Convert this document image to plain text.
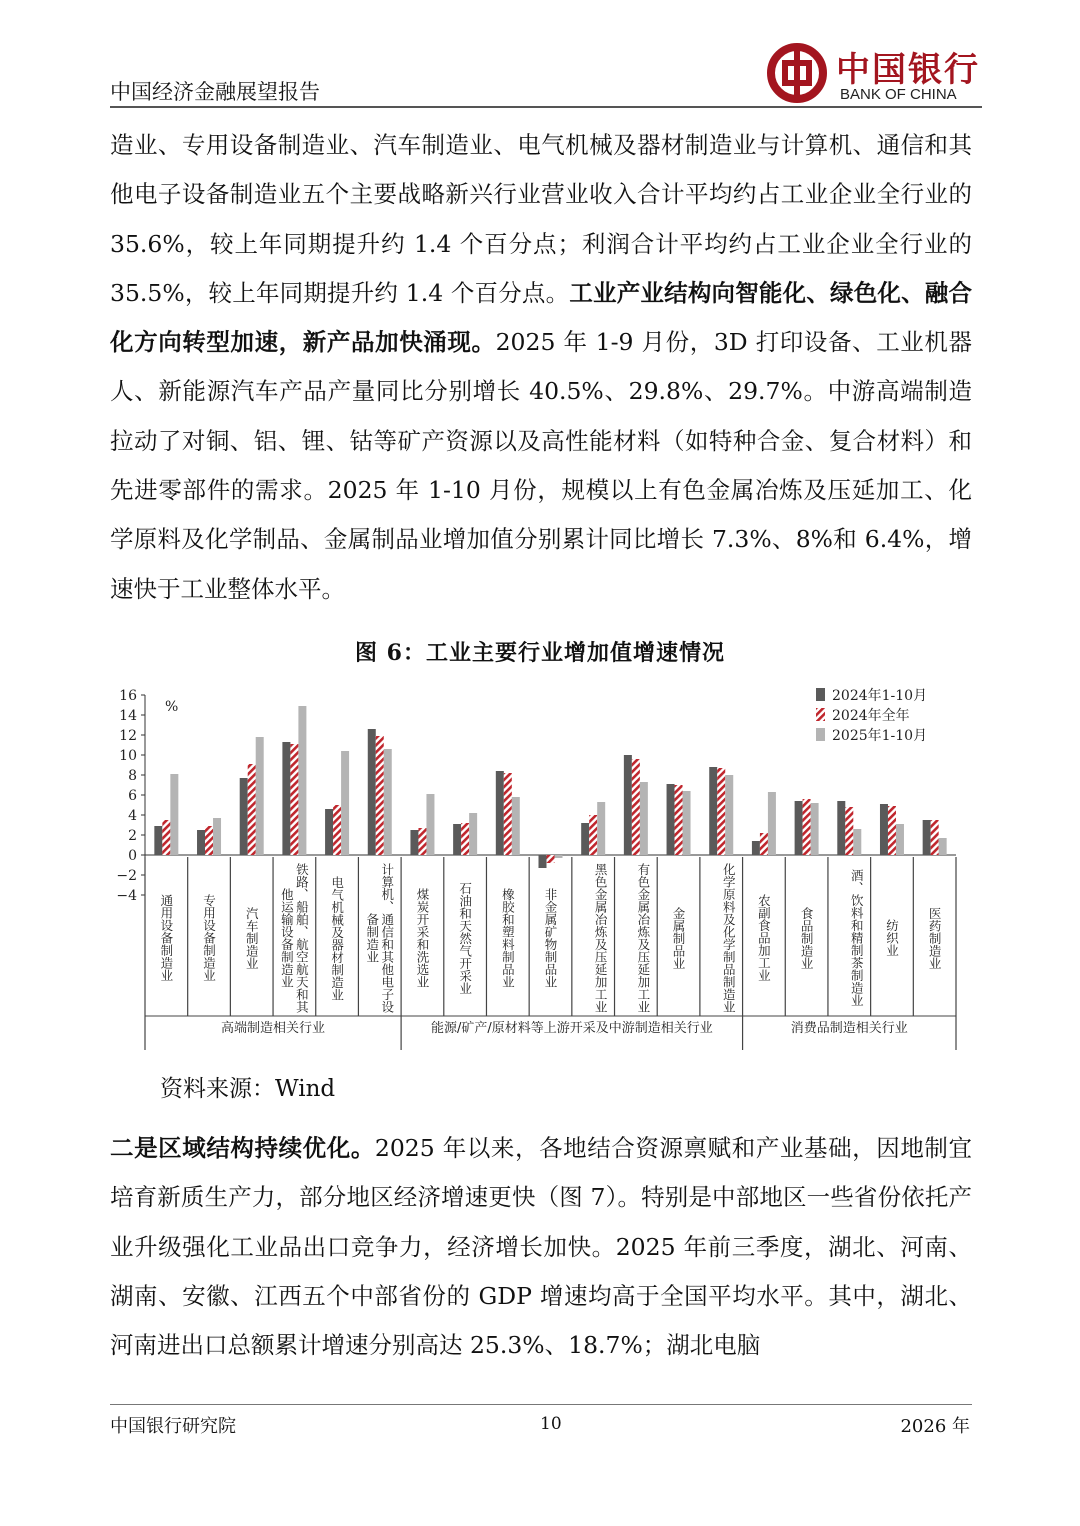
中国经济金融展望报告
中国银行
BANK OF CHINA

造业、专用设备制造业、汽车制造业、电气机械及器材制造业与计算机、通信和其他电子设备制造业五个主要战略新兴行业营业收入合计平均约占工业企业全行业的 35.6%，较上年同期提升约 1.4 个百分点；利润合计平均约占工业企业全行业的 35.5%，较上年同期提升约 1.4 个百分点。工业产业结构向智能化、绿色化、融合化方向转型加速，新产品加快涌现。2025 年 1-9 月份，3D 打印设备、工业机器人、新能源汽车产品产量同比分别增长 40.5%、29.8%、29.7%。中游高端制造拉动了对铜、铝、锂、钴等矿产资源以及高性能材料（如特种合金、复合材料）和先进零部件的需求。2025 年 1-10 月份，规模以上有色金属冶炼及压延加工、化学原料及化学制品、金属制品业增加值分别累计同比增长 7.3%、8%和 6.4%，增速快于工业整体水平。

图 6：工业主要行业增加值增速情况
16
14
12
10
8
6
4
2
0
−2
−4
%
高端制造相关行业	能源/矿产/原材料等上游开采及中游制造相关行业	消费品制造相关行业
2024年1-10月
2024年全年
2025年1-10月
通用设备制造业 专用设备制造业 汽车制造业	铁路、船舶、航空航天和其他运输设备制造业	电气机械及器材制造业	计算机、通信和其他电子设备制造业	煤炭开采和洗选业 石油和天然气开采业 橡胶和塑料制品业 非金属矿物制品业	黑色金属冶炼及压延加工业	有色金属冶炼及压延加工业 金属制品业	化学原料及化学制品制造业 农副食品加工业 食品制造业	酒、饮料和精制茶制造业 纺织业 医药制造业
资料来源：Wind

二是区域结构持续优化。2025 年以来，各地结合资源禀赋和产业基础，因地制宜培育新质生产力，部分地区经济增速更快（图 7）。特别是中部地区一些省份依托产业升级强化工业品出口竞争力，经济增长加快。2025 年前三季度，湖北、河南、湖南、安徽、江西五个中部省份的 GDP 增速均高于全国平均水平。其中，湖北、河南进出口总额累计增速分别高达 25.3%、18.7%；湖北电脑

中国银行研究院	10	2026 年
